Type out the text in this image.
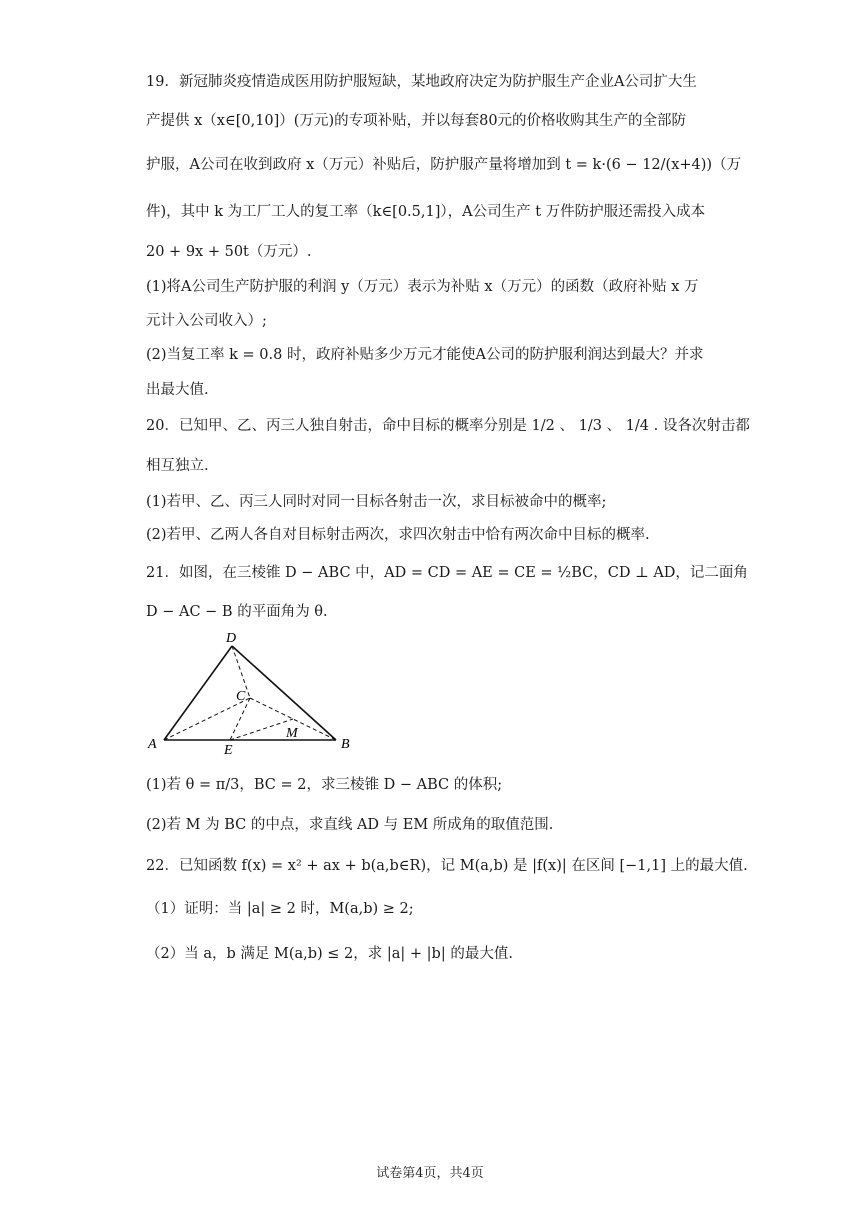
19．新冠肺炎疫情造成医用防护服短缺，某地政府决定为防护服生产企业A公司扩大生
产提供 x（x∈[0,10]）(万元)的专项补贴，并以每套80元的价格收购其生产的全部防
护服，A公司在收到政府 x（万元）补贴后，防护服产量将增加到 t = k·(6 − 12/(x+4))（万
件)，其中 k 为工厂工人的复工率（k∈[0.5,1]），A公司生产 t 万件防护服还需投入成本
20 + 9x + 50t（万元）.
(1)将A公司生产防护服的利润 y（万元）表示为补贴 x（万元）的函数（政府补贴 x 万
元计入公司收入）;
(2)当复工率 k = 0.8 时，政府补贴多少万元才能使A公司的防护服利润达到最大？并求
出最大值.
20．已知甲、乙、丙三人独自射击，命中目标的概率分别是 1/2 、 1/3 、 1/4 . 设各次射击都
相互独立.
(1)若甲、乙、丙三人同时对同一目标各射击一次，求目标被命中的概率;
(2)若甲、乙两人各自对目标射击两次，求四次射击中恰有两次命中目标的概率.
21．如图，在三棱锥 D − ABC 中，AD = CD = AE = CE = ½BC，CD ⊥ AD，记二面角
D − AC − B 的平面角为 θ.
D
C
M
A	E	B
(1)若 θ = π/3，BC = 2，求三棱锥 D − ABC 的体积;
(2)若 M 为 BC 的中点，求直线 AD 与 EM 所成角的取值范围.
22．已知函数 f(x) = x² + ax + b(a,b∈R)，记 M(a,b) 是 |f(x)| 在区间 [−1,1] 上的最大值.
（1）证明：当 |a| ≥ 2 时，M(a,b) ≥ 2;
（2）当 a，b 满足 M(a,b) ≤ 2，求 |a| + |b| 的最大值.
试卷第4页，共4页
